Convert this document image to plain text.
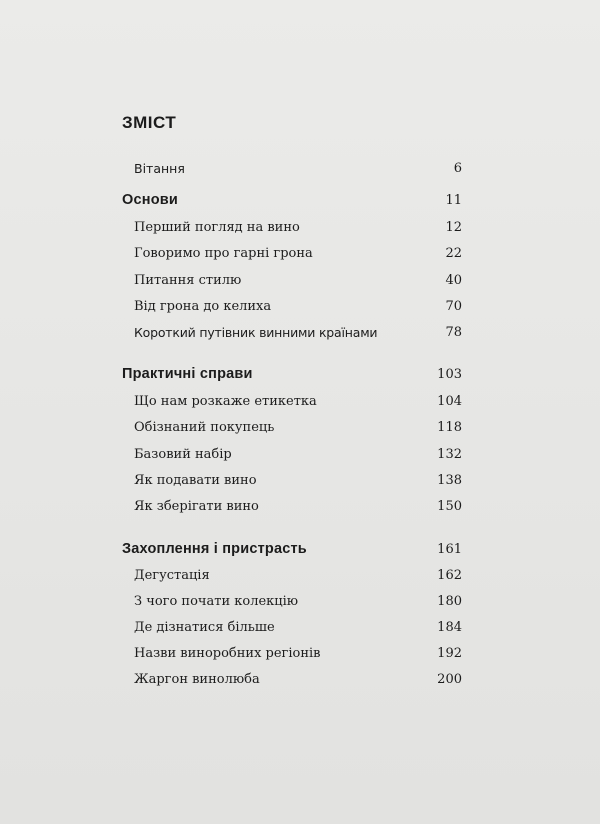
ЗМІСТ
Вітання	6
Основи	11
Перший погляд на вино	12
Говоримо про гарні грона	22
Питання стилю	40
Від грона до келиха	70
Короткий путівник винними країнами	78
Практичні справи	103
Що нам розкаже етикетка	104
Обізнаний покупець	118
Базовий набір	132
Як подавати вино	138
Як зберігати вино	150
Захоплення і пристрасть	161
Дегустація	162
З чого почати колекцію	180
Де дізнатися більше	184
Назви виноробних регіонів	192
Жаргон винолюба	200
